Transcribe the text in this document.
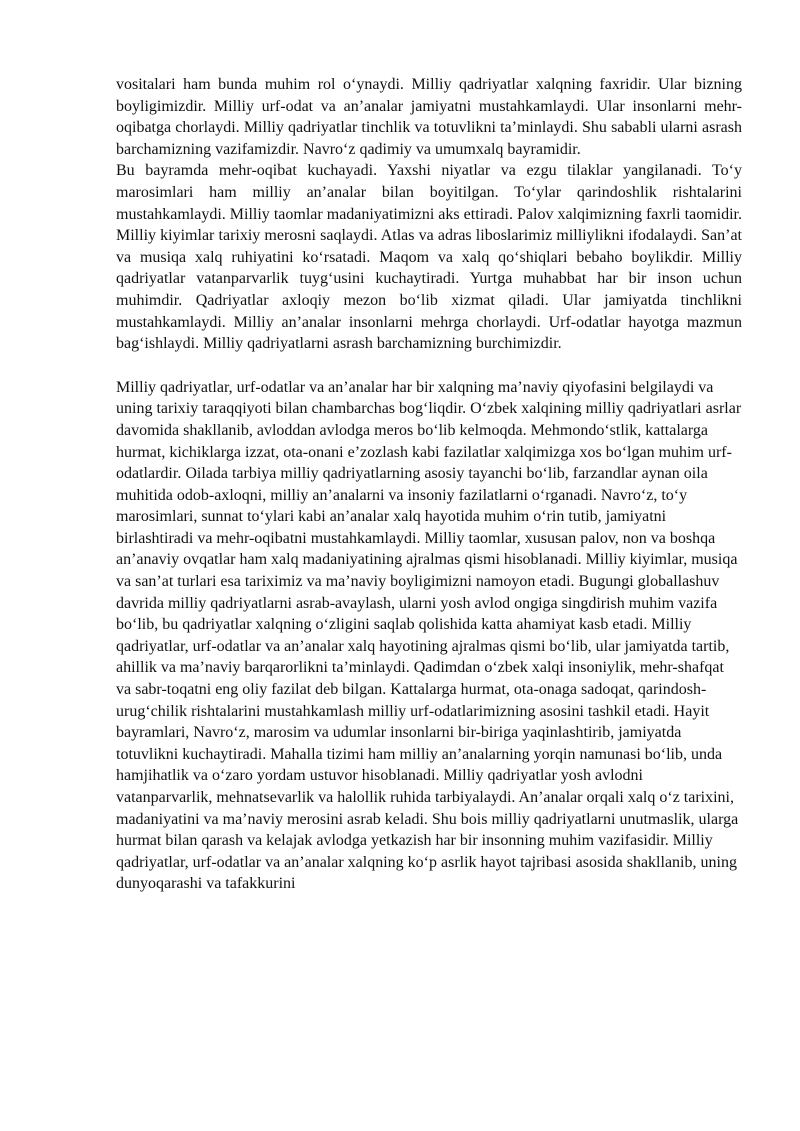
vositalari ham bunda muhim rol o‘ynaydi. Milliy qadriyatlar xalqning faxridir. Ular bizning boyligimizdir. Milliy urf-odat va an’analar jamiyatni mustahkamlaydi. Ular insonlarni mehr-oqibatga chorlaydi. Milliy qadriyatlar tinchlik va totuvlikni ta’minlaydi. Shu sababli ularni asrash barchamizning vazifamizdir. Navro‘z qadimiy va umumxalq bayramidir.
Bu bayramda mehr-oqibat kuchayadi. Yaxshi niyatlar va ezgu tilaklar yangilanadi. To‘y marosimlari ham milliy an’analar bilan boyitilgan. To‘ylar qarindoshlik rishtalarini mustahkamlaydi. Milliy taomlar madaniyatimizni aks ettiradi. Palov xalqimizning faxrli taomidir. Milliy kiyimlar tarixiy merosni saqlaydi. Atlas va adras liboslarimiz milliylikni ifodalaydi. San’at va musiqa xalq ruhiyatini ko‘rsatadi. Maqom va xalq qo‘shiqlari bebaho boylikdir. Milliy qadriyatlar vatanparvarlik tuyg‘usini kuchaytiradi. Yurtga muhabbat har bir inson uchun muhimdir. Qadriyatlar axloqiy mezon bo‘lib xizmat qiladi. Ular jamiyatda tinchlikni mustahkamlaydi. Milliy an’analar insonlarni mehrga chorlaydi. Urf-odatlar hayotga mazmun bag‘ishlaydi. Milliy qadriyatlarni asrash barchamizning burchimizdir.

Milliy qadriyatlar, urf-odatlar va an’analar har bir xalqning ma’naviy qiyofasini belgilaydi va uning tarixiy taraqqiyoti bilan chambarchas bog‘liqdir. O‘zbek xalqining milliy qadriyatlari asrlar davomida shakllanib, avloddan avlodga meros bo‘lib kelmoqda. Mehmondo‘stlik, kattalarga hurmat, kichiklarga izzat, ota-onani e’zozlash kabi fazilatlar xalqimizga xos bo‘lgan muhim urf-odatlardir. Oilada tarbiya milliy qadriyatlarning asosiy tayanchi bo‘lib, farzandlar aynan oila muhitida odob-axloqni, milliy an’analarni va insoniy fazilatlarni o‘rganadi. Navro‘z, to‘y marosimlari, sunnat to‘ylari kabi an’analar xalq hayotida muhim o‘rin tutib, jamiyatni birlashtiradi va mehr-oqibatni mustahkamlaydi. Milliy taomlar, xususan palov, non va boshqa an’anaviy ovqatlar ham xalq madaniyatining ajralmas qismi hisoblanadi. Milliy kiyimlar, musiqa va san’at turlari esa tariximiz va ma’naviy boyligimizni namoyon etadi. Bugungi globallashuv davrida milliy qadriyatlarni asrab-avaylash, ularni yosh avlod ongiga singdirish muhim vazifa bo‘lib, bu qadriyatlar xalqning o‘zligini saqlab qolishida katta ahamiyat kasb etadi. Milliy qadriyatlar, urf-odatlar va an’analar xalq hayotining ajralmas qismi bo‘lib, ular jamiyatda tartib, ahillik va ma’naviy barqarorlikni ta’minlaydi. Qadimdan o‘zbek xalqi insoniylik, mehr-shafqat va sabr-toqatni eng oliy fazilat deb bilgan. Kattalarga hurmat, ota-onaga sadoqat, qarindosh-urug‘chilik rishtalarini mustahkamlash milliy urf-odatlarimizning asosini tashkil etadi. Hayit bayramlari, Navro‘z, marosim va udumlar insonlarni bir-biriga yaqinlashtirib, jamiyatda totuvlikni kuchaytiradi. Mahalla tizimi ham milliy an’analarning yorqin namunasi bo‘lib, unda hamjihatlik va o‘zaro yordam ustuvor hisoblanadi. Milliy qadriyatlar yosh avlodni vatanparvarlik, mehnatsevarlik va halollik ruhida tarbiyalaydi. An’analar orqali xalq o‘z tarixini, madaniyatini va ma’naviy merosini asrab keladi. Shu bois milliy qadriyatlarni unutmaslik, ularga hurmat bilan qarash va kelajak avlodga yetkazish har bir insonning muhim vazifasidir. Milliy qadriyatlar, urf-odatlar va an’analar xalqning ko‘p asrlik hayot tajribasi asosida shakllanib, uning dunyoqarashi va tafakkurini
